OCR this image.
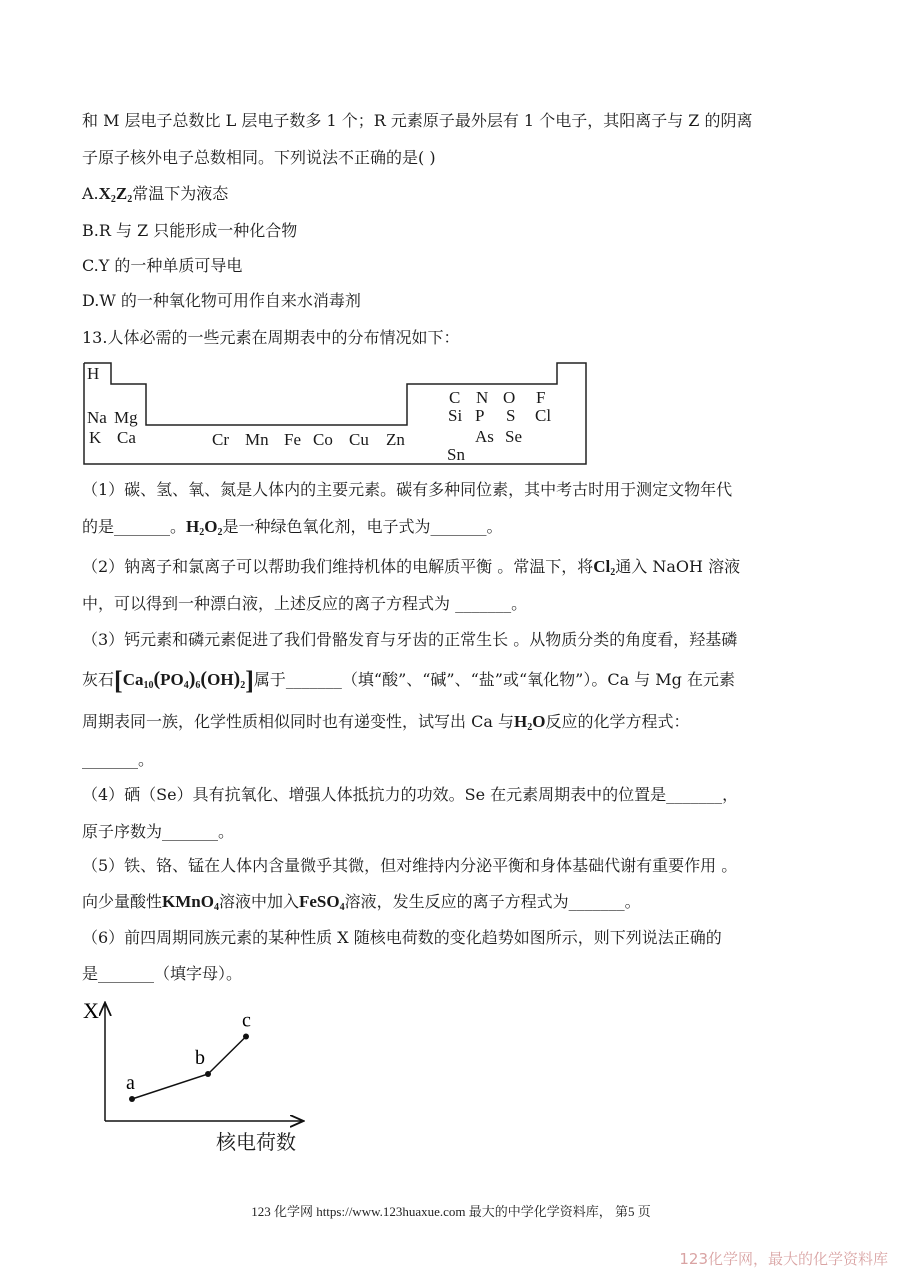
和 M 层电子总数比 L 层电子数多 1 个；R 元素原子最外层有 1 个电子，其阳离子与 Z 的阴离
子原子核外电子总数相同。下列说法不正确的是( )
$A.X_2Z_2$常温下为液态
B.R 与 Z 只能形成一种化合物
C.Y 的一种单质可导电
D.W 的一种氧化物可用作自来水消毒剂
13.人体必需的一些元素在周期表中的分布情况如下：
H
Na Mg
K Ca	Cr Mn Fe Co Cu Zn
C N O F
Si P S Cl
As Se
Sn
（1）碳、氢、氧、氮是人体内的主要元素。碳有多种同位素，其中考古时用于测定文物年代
的是_______。$H_2O_2$是一种绿色氧化剂，电子式为_______。
（2）钠离子和氯离子可以帮助我们维持机体的电解质平衡 。常温下，将$Cl_2$通入 NaOH 溶液
中，可以得到一种漂白液，上述反应的离子方程式为 _______。
（3）钙元素和磷元素促进了我们骨骼发育与牙齿的正常生长 。从物质分类的角度看，羟基磷
灰石$[Ca_{10}(PO_4)_6(OH)_2]$属于_______（填“酸”、“碱”、“盐”或“氧化物”）。Ca 与 Mg 在元素
周期表同一族，化学性质相似同时也有递变性，试写出 Ca 与$H_2O$反应的化学方程式：
_______。
（4）硒（Se）具有抗氧化、增强人体抵抗力的功效。Se 在元素周期表中的位置是_______，
原子序数为_______。
（5）铁、铬、锰在人体内含量微乎其微，但对维持内分泌平衡和身体基础代谢有重要作用 。
向少量酸性KMnO$_4$溶液中加入FeSO$_4$溶液，发生反应的离子方程式为_______。
（6）前四周期同族元素的某种性质 X 随核电荷数的变化趋势如图所示，则下列说法正确的
是_______（填字母）。
X
a
b
c
核电荷数
123 化学网 https://www.123huaxue.com 最大的中学化学资料库， 第5 页
123化学网，最大的化学资料库
